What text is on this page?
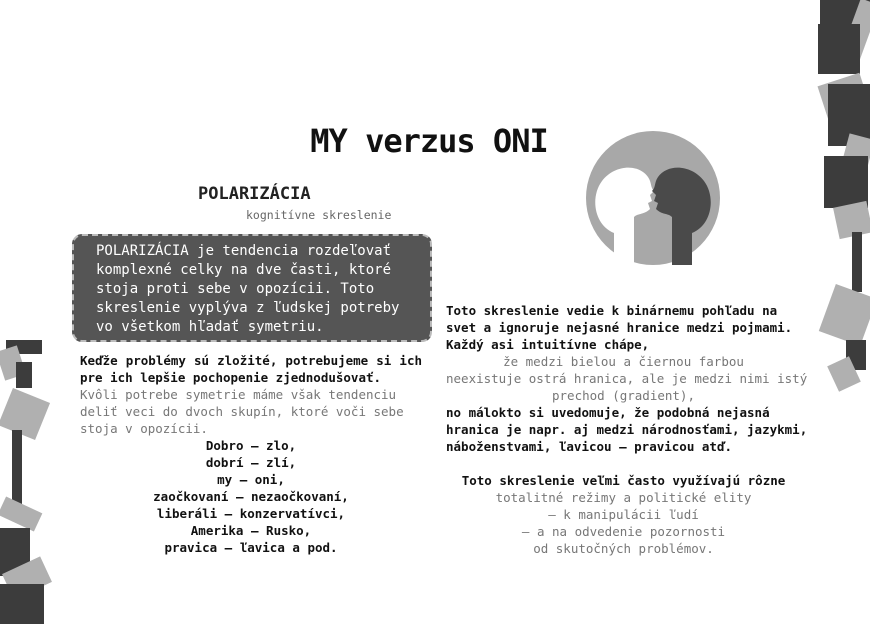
MY verzus ONI
POLARIZÁCIA
kognitívne skreslenie
POLARIZÁCIA je tendencia rozdeľovať
komplexné celky na dve časti, ktoré
stoja proti sebe v opozícii. Toto
skreslenie vyplýva z ľudskej potreby
vo všetkom hľadať symetriu.
Keďže problémy sú zložité, potrebujeme si ich
pre ich lepšie pochopenie zjednodušovať.
Kvôli potrebe symetrie máme však tendenciu
deliť veci do dvoch skupín, ktoré voči sebe
stoja v opozícii.
Dobro – zlo,
dobrí – zlí,
my – oni,
zaočkovaní – nezaočkovaní,
liberáli – konzervatívci,
Amerika – Rusko,
pravica – ľavica a pod.
Toto skreslenie vedie k binárnemu pohľadu na
svet a ignoruje nejasné hranice medzi pojmami.
Každý asi intuitívne chápe,
že medzi bielou a čiernou farbou
neexistuje ostrá hranica, ale je medzi nimi istý
prechod (gradient),
no málokto si uvedomuje, že podobná nejasná
hranica je napr. aj medzi národnosťami, jazykmi,
náboženstvami, ľavicou – pravicou atď.
Toto skreslenie veľmi často využívajú rôzne
totalitné režimy a politické elity
– k manipulácii ľudí
– a na odvedenie pozornosti
od skutočných problémov.
